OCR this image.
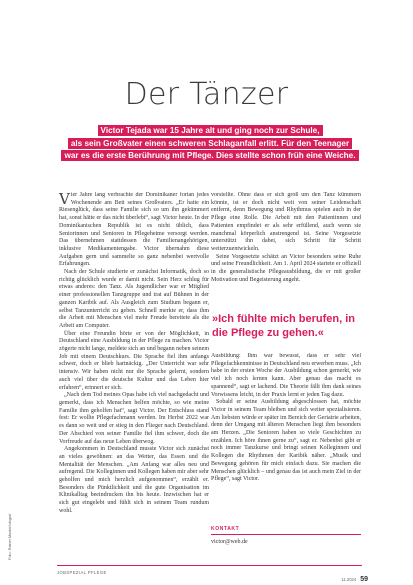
Der Tänzer
Victor Tejada war 15 Jahre alt und ging noch zur Schule,
als sein Großvater einen schweren Schlaganfall erlitt. Für den Teenager
war es die erste Berührung mit Pflege. Dies stellte schon früh eine Weiche.

Vier Jahre lang verbrachte der Dominikaner fortan jedes Wochenende am Bett seines Großvaters. „Er hatte ein Riesenglück, dass seine Familie sich so um ihn gekümmert hat, sonst hätte er das nicht überlebt“, sagt Victor heute. In der Dominikanischen Republik ist es nicht üblich, dass Seniorinnen und Senioren in Pflegeheime versorgt werden. Das übernehmen stattdessen die Familienangehörigen, inklusive Medikamentengabe. Victor übernahm diese Aufgaben gern und sammelte so ganz nebenbei wertvolle Erfahrungen.

Nach der Schule studierte er zunächst Informatik, doch so richtig glücklich wurde er damit nicht. Sein Herz schlug für etwas anderes: den Tanz. Als Jugendlicher war er Mitglied einer professionellen Tanzgruppe und trat auf Bühnen in der ganzen Karibik auf. Als Ausgleich zum Studium begann er, selbst Tanzunterricht zu geben. Schnell merkte er, dass ihm die Arbeit mit Menschen viel mehr Freude bereitete als die Arbeit am Computer.

Über eine Freundin hörte er von der Möglichkeit, in Deutschland eine Ausbildung in der Pflege zu machen. Victor zögerte nicht lange, meldete sich an und begann neben seinem Job mit einem Deutschkurs. Die Sprache fiel ihm anfangs schwer, doch er blieb hartnäckig. „Der Unterricht war sehr intensiv. Wir haben nicht nur die Sprache gelernt, sondern auch viel über die deutsche Kultur und das Leben hier erfahren“, erinnert er sich.

„Nach dem Tod meines Opas habe ich viel nachgedacht und gemerkt, dass ich Menschen helfen möchte, so wie meine Familie ihm geholfen hat“, sagt Victor. Der Entschluss stand fest: Er wollte Pflegefachmann werden. Im Herbst 2022 war es dann so weit und er stieg in den Flieger nach Deutschland. Der Abschied von seiner Familie fiel ihm schwer, doch die Vorfreude auf das neue Leben überwog.

Angekommen in Deutschland musste Victor sich zunächst an vieles gewöhnen: an das Wetter, das Essen und die Mentalität der Menschen. „Am Anfang war alles neu und aufregend. Die Kolleginnen und Kollegen haben mir aber sehr geholfen und mich herzlich aufgenommen“, erzählt er. Besonders die Pünktlichkeit und die gute Organisation im Klinikalltag beeindrucken ihn bis heute. Inzwischen hat er sich gut eingelebt und fühlt sich in seinem Team rundum wohl.

vorstellte. Ohne dass er sich groß um den Tanz kümmern könnte, ist er doch nicht weit von seiner Leidenschaft entfernt, denn Bewegung und Rhythmus spielen auch in der Pflege eine Rolle. Die Arbeit mit den Patientinnen und Patienten empfindet er als sehr erfüllend, auch wenn sie manchmal körperlich anstrengend ist. Seine Vorgesetzte unterstützt ihn dabei, sich Schritt für Schritt weiterzuentwickeln.

Seine Vorgesetzte schätzt an Victor besonders seine Ruhe und seine Freundlichkeit. Am 1. April 2024 startete er offiziell in die generalistische Pflegeausbildung, die er mit großer Motivation und Begeisterung angeht.

Ausbildung: Ihm war bewusst, dass er sehr viel Pflegefachkenntnisse in Deutschland neu erwerben muss. „Ich habe in der ersten Woche der Ausbildung schon gemerkt, wie viel ich noch lernen kann. Aber genau das macht es spannend“, sagt er lachend. Die Theorie fällt ihm dank seines Vorwissens leicht, in der Praxis lernt er jeden Tag dazu.

Sobald er seine Ausbildung abgeschlossen hat, möchte Victor in seinem Team bleiben und sich weiter spezialisieren. Am liebsten würde er später im Bereich der Geriatrie arbeiten, denn der Umgang mit älteren Menschen liegt ihm besonders am Herzen. „Die Senioren haben so viele Geschichten zu erzählen. Ich höre ihnen gerne zu“, sagt er. Nebenbei gibt er noch immer Tanzkurse und bringt seinen Kolleginnen und Kollegen die Rhythmen der Karibik näher. „Musik und Bewegung gehören für mich einfach dazu. Sie machen die Menschen glücklich – und genau das ist auch mein Ziel in der Pflege“, sagt Victor.

»Ich fühlte mich berufen, in die Pflege zu gehen.«
KONTAKT
victor@web.de
Foto: Rainer Musterfotograf
JOBSPEZIAL PFLEGE
11.2024 59
